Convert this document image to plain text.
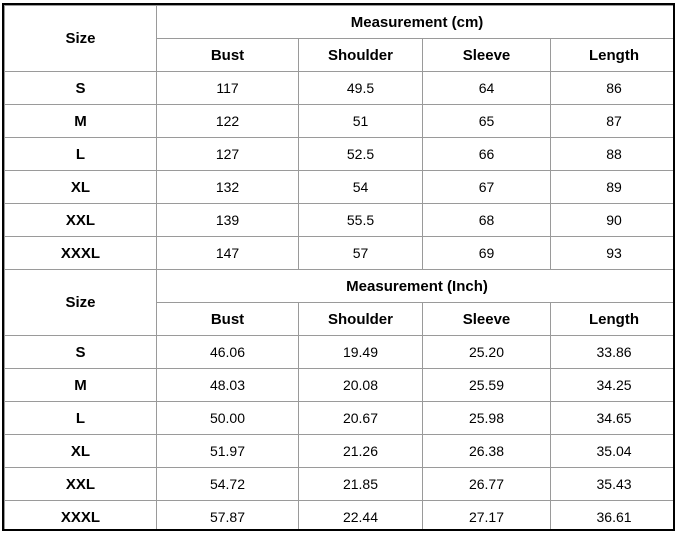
Size	Measurement (cm)			
	Bust	Shoulder	Sleeve	Length
S	117	49.5	64	86
M	122	51	65	87
L	127	52.5	66	88
XL	132	54	67	89
XXL	139	55.5	68	90
XXXL	147	57	69	93
Size	Measurement (Inch)			
	Bust	Shoulder	Sleeve	Length
S	46.06	19.49	25.20	33.86
M	48.03	20.08	25.59	34.25
L	50.00	20.67	25.98	34.65
XL	51.97	21.26	26.38	35.04
XXL	54.72	21.85	26.77	35.43
XXXL	57.87	22.44	27.17	36.61
